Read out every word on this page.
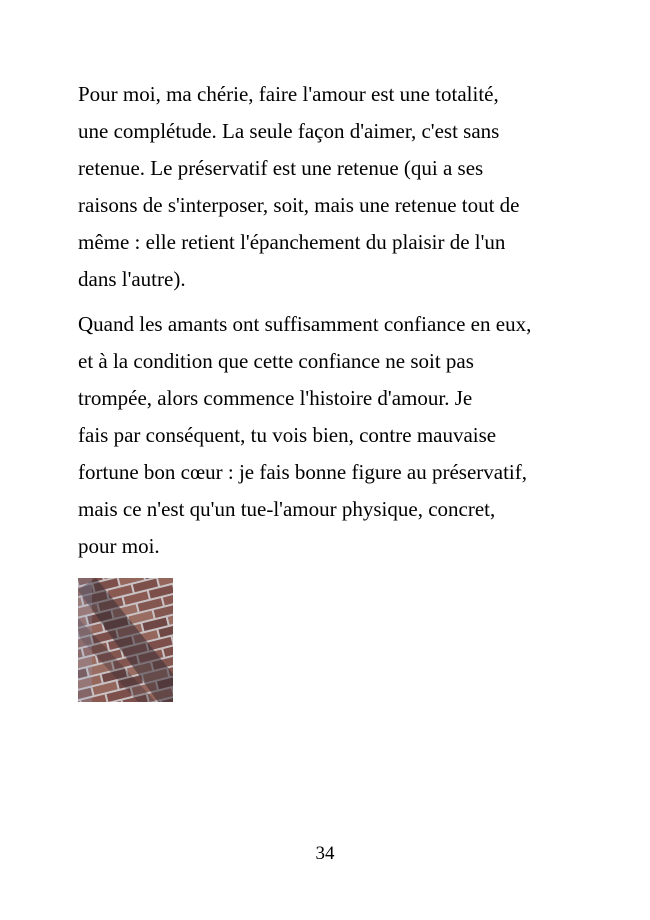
Pour moi, ma chérie, faire l'amour est une totalité,
une complétude. La seule façon d'aimer, c'est sans
retenue. Le préservatif est une retenue (qui a ses
raisons de s'interposer, soit, mais une retenue tout de
même : elle retient l'épanchement du plaisir de l'un
dans l'autre).

Quand les amants ont suffisamment confiance en eux,
et à la condition que cette confiance ne soit pas
trompée, alors commence l'histoire d'amour. Je
fais par conséquent, tu vois bien, contre mauvaise
fortune bon cœur : je fais bonne figure au préservatif,
mais ce n'est qu'un tue-l'amour physique, concret,
pour moi.

34
